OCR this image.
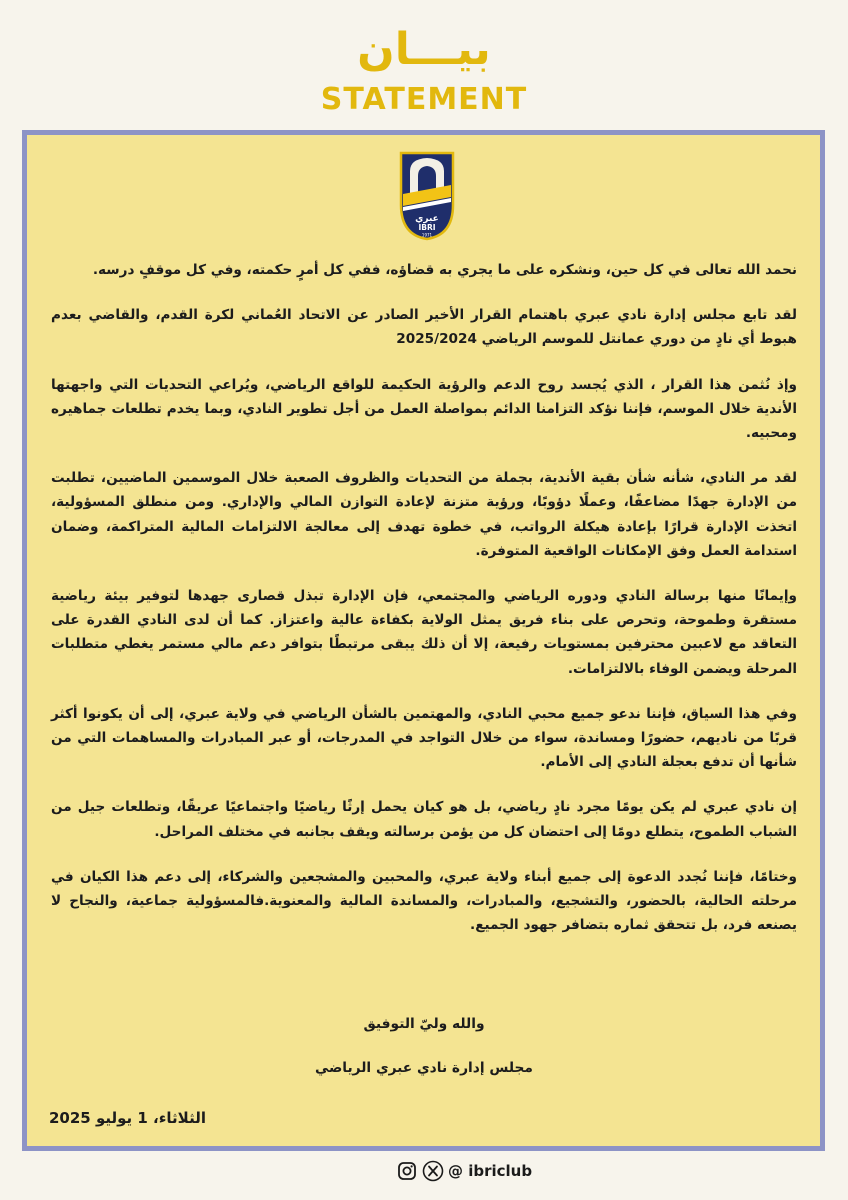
بيـــان
STATEMENT
عبري
IBRI
1971

نحمد الله تعالى في كل حين، ونشكره على ما يجري به قضاؤه، ففي كل أمرٍ حكمته، وفي كل موقفٍ درسه.

لقد تابع مجلس إدارة نادي عبري باهتمام القرار الأخير الصادر عن الاتحاد العُماني لكرة القدم، والقاضي بعدم هبوط أي نادٍ من دوري عمانتل للموسم الرياضي 2025/2024

وإذ نُثمن هذا القرار ، الذي يُجسد روح الدعم والرؤية الحكيمة للواقع الرياضي، ويُراعي التحديات التي واجهتها الأندية خلال الموسم، فإننا نؤكد التزامنا الدائم بمواصلة العمل من أجل تطوير النادي، وبما يخدم تطلعات جماهيره ومحبيه.

لقد مر النادي، شأنه شأن بقية الأندية، بجملة من التحديات والظروف الصعبة خلال الموسمين الماضيين، تطلبت من الإدارة جهدًا مضاعفًا، وعملًا دؤوبًا، ورؤية متزنة لإعادة التوازن المالي والإداري. ومن منطلق المسؤولية، اتخذت الإدارة قرارًا بإعادة هيكلة الرواتب، في خطوة تهدف إلى معالجة الالتزامات المالية المتراكمة، وضمان استدامة العمل وفق الإمكانات الواقعية المتوفرة.

وإيمانًا منها برسالة النادي ودوره الرياضي والمجتمعي، فإن الإدارة تبذل قصارى جهدها لتوفير بيئة رياضية مستقرة وطموحة، وتحرص على بناء فريق يمثل الولاية بكفاءة عالية واعتزاز. كما أن لدى النادي القدرة على التعاقد مع لاعبين محترفين بمستويات رفيعة، إلا أن ذلك يبقى مرتبطًا بتوافر دعم مالي مستمر يغطي متطلبات المرحلة ويضمن الوفاء بالالتزامات.

وفي هذا السياق، فإننا ندعو جميع محبي النادي، والمهتمين بالشأن الرياضي في ولاية عبري، إلى أن يكونوا أكثر قربًا من ناديهم، حضورًا ومساندة، سواء من خلال التواجد في المدرجات، أو عبر المبادرات والمساهمات التي من شأنها أن تدفع بعجلة النادي إلى الأمام.

إن نادي عبري لم يكن يومًا مجرد نادٍ رياضي، بل هو كيان يحمل إرثًا رياضيًا واجتماعيًا عريقًا، وتطلعات جيل من الشباب الطموح، يتطلع دومًا إلى احتضان كل من يؤمن برسالته ويقف بجانبه في مختلف المراحل.

وختامًا، فإننا نُجدد الدعوة إلى جميع أبناء ولاية عبري، والمحبين والمشجعين والشركاء، إلى دعم هذا الكيان في مرحلته الحالية، بالحضور، والتشجيع، والمبادرات، والمساندة المالية والمعنوية.فالمسؤولية جماعية، والنجاح لا يصنعه فرد، بل تتحقق ثماره بتضافر جهود الجميع.

والله وليّ التوفيق
مجلس إدارة نادي عبري الرياضي
الثلاثاء، 1 يوليو 2025
@ ibriclub
